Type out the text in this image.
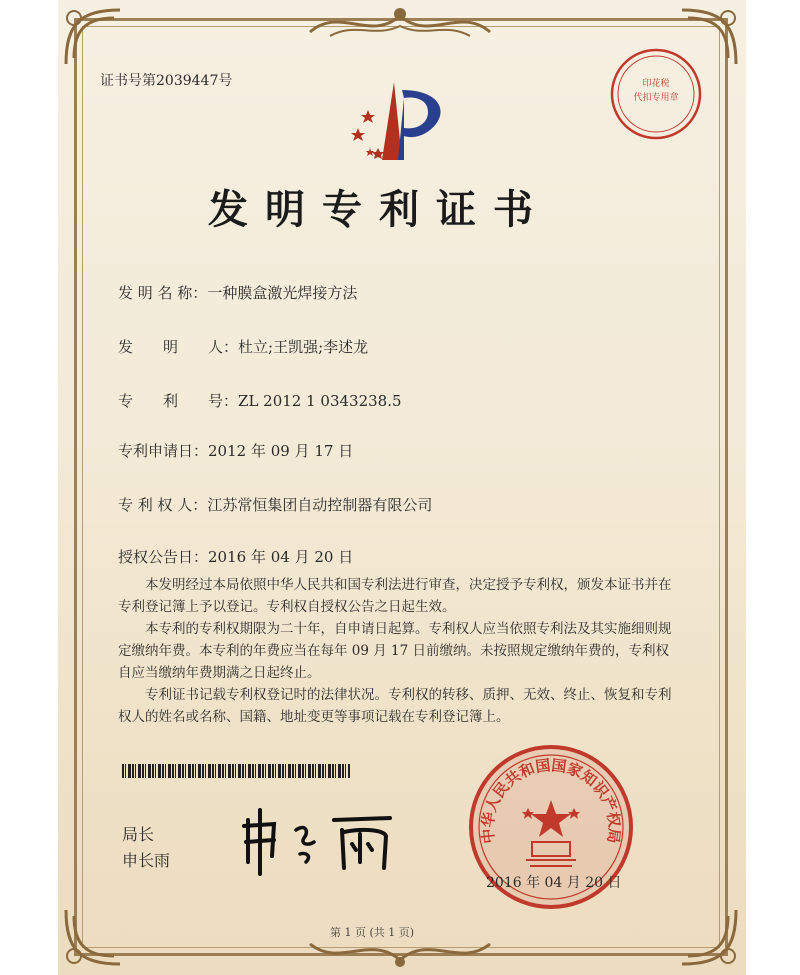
证书号第2039447号	印花税
代扣专用章
发明专利证书
发 明 名 称：一种膜盒激光焊接方法
发　　明　　人：杜立;王凯强;李述龙
专　　利　　号：ZL 2012 1 0343238.5
专利申请日：2012 年 09 月 17 日
专 利 权 人：江苏常恒集团自动控制器有限公司
授权公告日：2016 年 04 月 20 日

本发明经过本局依照中华人民共和国专利法进行审查，决定授予专利权，颁发本证书并在专利登记簿上予以登记。专利权自授权公告之日起生效。

本专利的专利权期限为二十年，自申请日起算。专利权人应当依照专利法及其实施细则规定缴纳年费。本专利的年费应当在每年 09 月 17 日前缴纳。未按照规定缴纳年费的，专利权自应当缴纳年费期满之日起终止。

专利证书记载专利权登记时的法律状况。专利权的转移、质押、无效、终止、恢复和专利权人的姓名或名称、国籍、地址变更等事项记载在专利登记簿上。

局长
申长雨
中华人民共和国国家知识产权局
2016 年 04 月 20 日
第 1 页 (共 1 页)
